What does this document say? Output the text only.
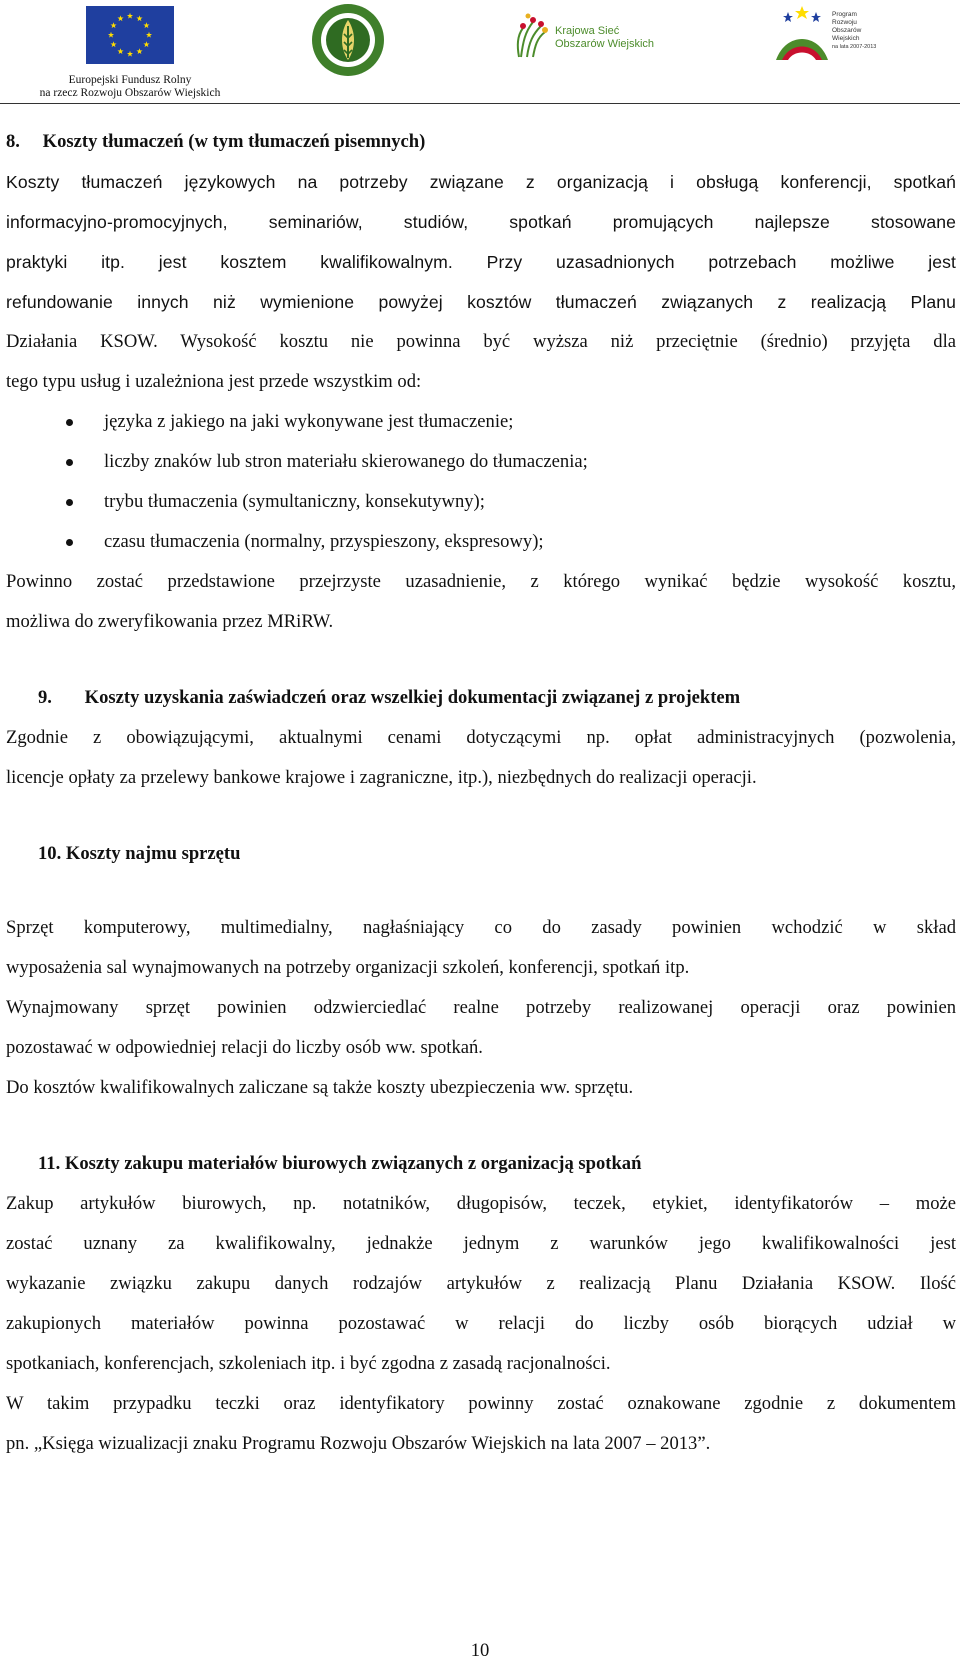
Europejski Fundusz Rolny
na rzecz Rozwoju Obszarów Wiejskich
Krajowa Sieć
Obszarów Wiejskich
Program
Rozwoju
Obszarów
Wiejskich
na lata 2007-2013

8. Koszty tłumaczeń (w tym tłumaczeń pisemnych)

Koszty tłumaczeń językowych na potrzeby związane z organizacją i obsługą konferencji, spotkań

informacyjno-promocyjnych, seminariów, studiów, spotkań promujących najlepsze stosowane

praktyki itp. jest kosztem kwalifikowalnym. Przy uzasadnionych potrzebach możliwe jest

refundowanie innych niż wymienione powyżej kosztów tłumaczeń związanych z realizacją Planu

Działania KSOW. Wysokość kosztu nie powinna być wyższa niż przeciętnie (średnio) przyjęta dla

tego typu usług i uzależniona jest przede wszystkim od:

języka z jakiego na jaki wykonywane jest tłumaczenie;
liczby znaków lub stron materiału skierowanego do tłumaczenia;
trybu tłumaczenia (symultaniczny, konsekutywny);
czasu tłumaczenia (normalny, przyspieszony, ekspresowy);

Powinno zostać przedstawione przejrzyste uzasadnienie, z którego wynikać będzie wysokość kosztu,

możliwa do zweryfikowania przez MRiRW.

9. Koszty uzyskania zaświadczeń oraz wszelkiej dokumentacji związanej z projektem

Zgodnie z obowiązującymi, aktualnymi cenami dotyczącymi np. opłat administracyjnych (pozwolenia,

licencje opłaty za przelewy bankowe krajowe i zagraniczne, itp.), niezbędnych do realizacji operacji.

10. Koszty najmu sprzętu

Sprzęt komputerowy, multimedialny, nagłaśniający co do zasady powinien wchodzić w skład

wyposażenia sal wynajmowanych na potrzeby organizacji szkoleń, konferencji, spotkań itp.

Wynajmowany sprzęt powinien odzwierciedlać realne potrzeby realizowanej operacji oraz powinien

pozostawać w odpowiedniej relacji do liczby osób ww. spotkań.

Do kosztów kwalifikowalnych zaliczane są także koszty ubezpieczenia ww. sprzętu.

11. Koszty zakupu materiałów biurowych związanych z organizacją spotkań

Zakup artykułów biurowych, np. notatników, długopisów, teczek, etykiet, identyfikatorów – może

zostać uznany za kwalifikowalny, jednakże jednym z warunków jego kwalifikowalności jest

wykazanie związku zakupu danych rodzajów artykułów z realizacją Planu Działania KSOW. Ilość

zakupionych materiałów powinna pozostawać w relacji do liczby osób biorących udział w

spotkaniach, konferencjach, szkoleniach itp. i być zgodna z zasadą racjonalności.

W takim przypadku teczki oraz identyfikatory powinny zostać oznakowane zgodnie z dokumentem

pn. „Księga wizualizacji znaku Programu Rozwoju Obszarów Wiejskich na lata 2007 – 2013”.

10
